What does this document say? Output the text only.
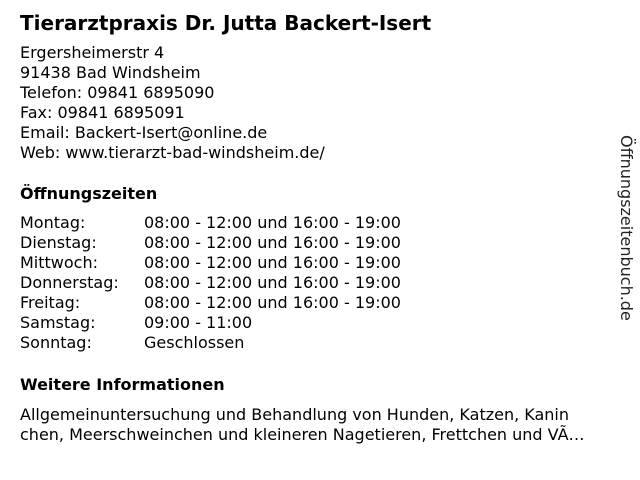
Tierarztpraxis Dr. Jutta Backert-Isert
Ergersheimerstr 4
91438 Bad Windsheim
Telefon: 09841 6895090
Fax: 09841 6895091
Email: Backert-Isert@online.de
Web: www.tierarzt-bad-windsheim.de/
Öffnungszeiten
Montag:	08:00 - 12:00 und 16:00 - 19:00
Dienstag:	08:00 - 12:00 und 16:00 - 19:00
Mittwoch:	08:00 - 12:00 und 16:00 - 19:00
Donnerstag: 08:00 - 12:00 und 16:00 - 19:00
Freitag:	08:00 - 12:00 und 16:00 - 19:00
Samstag:	09:00 - 11:00
Sonntag:	Geschlossen
Weitere Informationen
Allgemeinuntersuchung und Behandlung von Hunden, Katzen, Kanin
chen, Meerschweinchen und kleineren Nagetieren, Frettchen und VÃ…
Öffnungszeitenbuch.de
